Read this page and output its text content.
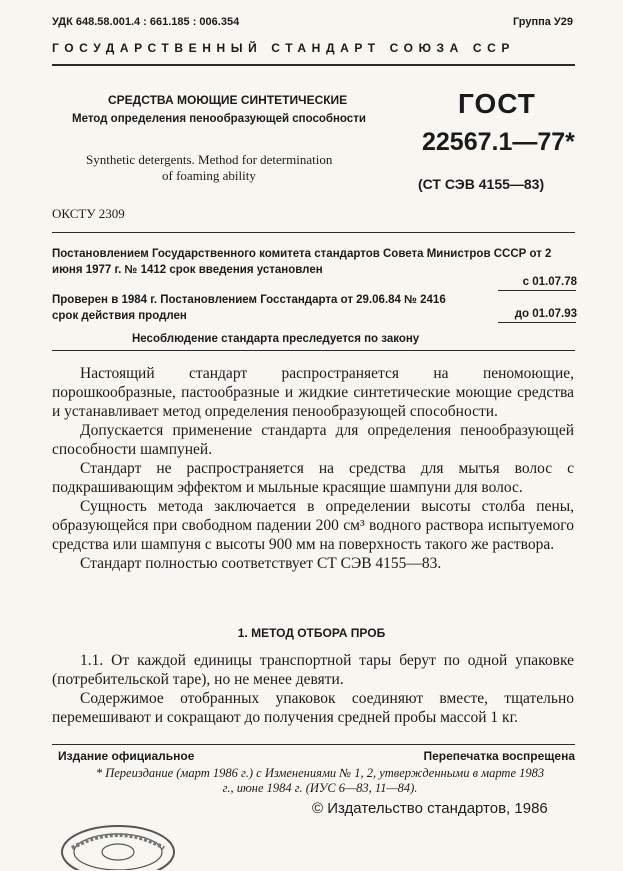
УДК 648.58.001.4 : 661.185 : 006.354	Группа У29
ГОСУДАРСТВЕННЫЙ СТАНДАРТ СОЮЗА ССР
СРЕДСТВА МОЮЩИЕ СИНТЕТИЧЕСКИЕ
Метод определения пенообразующей способности
Synthetic detergents. Method for determination
of foaming ability
ГОСТ
22567.1—77*
(СТ СЭВ 4155—83)
ОКСТУ 2309
Постановлением Государственного комитета стандартов Совета Министров СССР от 2 июня 1977 г. № 1412 срок введения установлен
с 01.07.78
Проверен в 1984 г. Постановлением Госстандарта от 29.06.84 № 2416 срок действия продлен	до 01.07.93
Несоблюдение стандарта преследуется по закону

Настоящий стандарт распространяется на пеномоющие, порошкообразные, пастообразные и жидкие синтетические моющие средства и устанавливает метод определения пенообразующей способности.

Допускается применение стандарта для определения пенообразующей способности шампуней.

Стандарт не распространяется на средства для мытья волос с подкрашивающим эффектом и мыльные красящие шампуни для волос.

Сущность метода заключается в определении высоты столба пены, образующейся при свободном падении 200 см³ водного раствора испытуемого средства или шампуня с высоты 900 мм на поверхность такого же раствора.

Стандарт полностью соответствует СТ СЭВ 4155—83.

1. МЕТОД ОТБОРА ПРОБ

1.1. От каждой единицы транспортной тары берут по одной упаковке (потребительской таре), но не менее девяти.

Содержимое отобранных упаковок соединяют вместе, тщательно перемешивают и сокращают до получения средней пробы массой 1 кг.

Издание официальное	Перепечатка воспрещена
* Переиздание (март 1986 г.) с Изменениями № 1, 2, утвержденными в марте 1983 г., июне 1984 г. (ИУС 6—83, 11—84).
© Издательство стандартов, 1986
